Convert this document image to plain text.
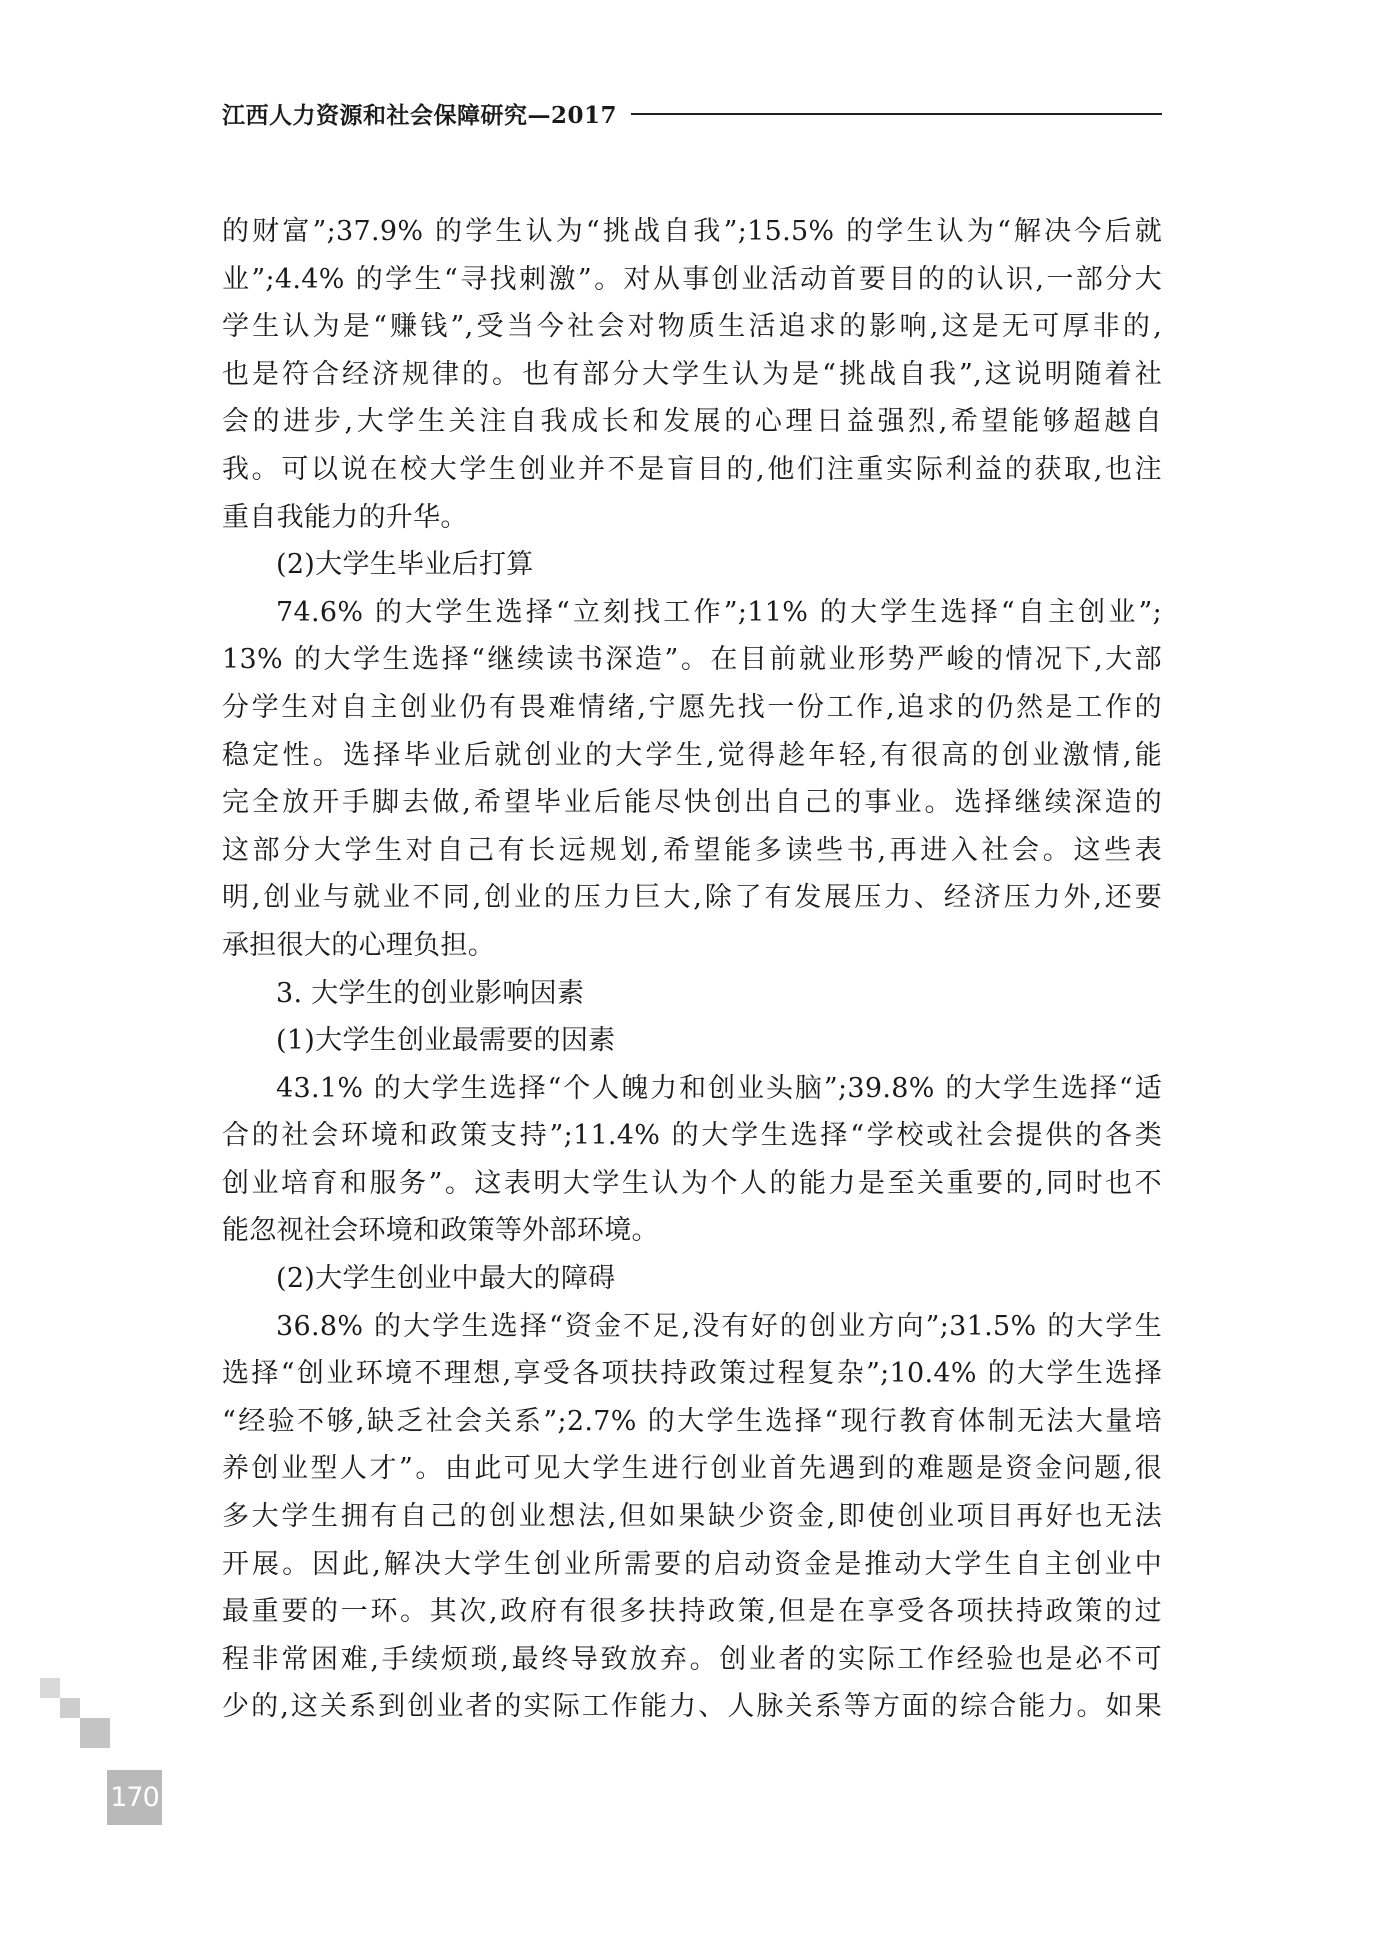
江西人力资源和社会保障研究—2017
的财富”;37.9% 的学生认为“挑战自我”;15.5% 的学生认为“解决今后就
业”;4.4% 的学生“寻找刺激”。对从事创业活动首要目的的认识,一部分大
学生认为是“赚钱”,受当今社会对物质生活追求的影响,这是无可厚非的,
也是符合经济规律的。也有部分大学生认为是“挑战自我”,这说明随着社
会的进步,大学生关注自我成长和发展的心理日益强烈,希望能够超越自
我。可以说在校大学生创业并不是盲目的,他们注重实际利益的获取,也注
重自我能力的升华。
(2)大学生毕业后打算
74.6% 的大学生选择“立刻找工作”;11% 的大学生选择“自主创业”;
13% 的大学生选择“继续读书深造”。在目前就业形势严峻的情况下,大部
分学生对自主创业仍有畏难情绪,宁愿先找一份工作,追求的仍然是工作的
稳定性。选择毕业后就创业的大学生,觉得趁年轻,有很高的创业激情,能
完全放开手脚去做,希望毕业后能尽快创出自己的事业。选择继续深造的
这部分大学生对自己有长远规划,希望能多读些书,再进入社会。这些表
明,创业与就业不同,创业的压力巨大,除了有发展压力、经济压力外,还要
承担很大的心理负担。
3. 大学生的创业影响因素
(1)大学生创业最需要的因素
43.1% 的大学生选择“个人魄力和创业头脑”;39.8% 的大学生选择“适
合的社会环境和政策支持”;11.4% 的大学生选择“学校或社会提供的各类
创业培育和服务”。这表明大学生认为个人的能力是至关重要的,同时也不
能忽视社会环境和政策等外部环境。
(2)大学生创业中最大的障碍
36.8% 的大学生选择“资金不足,没有好的创业方向”;31.5% 的大学生
选择“创业环境不理想,享受各项扶持政策过程复杂”;10.4% 的大学生选择
“经验不够,缺乏社会关系”;2.7% 的大学生选择“现行教育体制无法大量培
养创业型人才”。由此可见大学生进行创业首先遇到的难题是资金问题,很
多大学生拥有自己的创业想法,但如果缺少资金,即使创业项目再好也无法
开展。因此,解决大学生创业所需要的启动资金是推动大学生自主创业中
最重要的一环。其次,政府有很多扶持政策,但是在享受各项扶持政策的过
程非常困难,手续烦琐,最终导致放弃。创业者的实际工作经验也是必不可
少的,这关系到创业者的实际工作能力、人脉关系等方面的综合能力。如果
170
